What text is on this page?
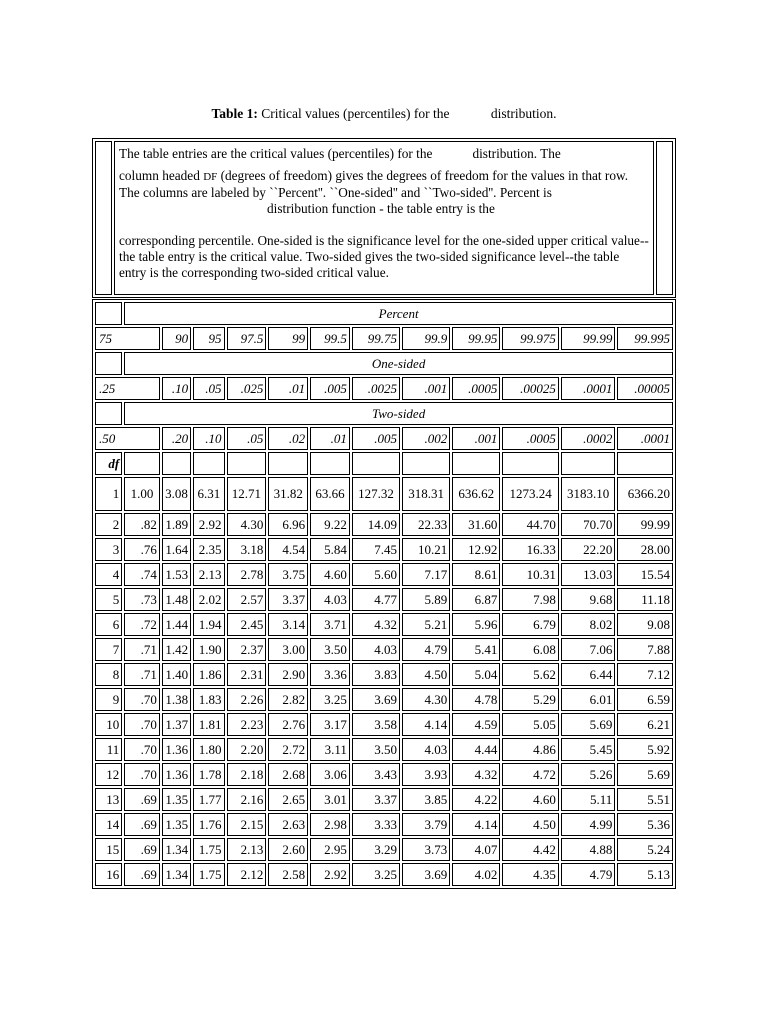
Table 1: Critical values (percentiles) for the	distribution.

The table entries are the critical values (percentiles) for the	distribution. The

column headed DF (degrees of freedom) gives the degrees of freedom for the values in that row. The columns are labeled by ``Percent''. ``One-sided'' and ``Two-sided''. Percent isdistribution function - the table entry is the

corresponding percentile. One-sided is the significance level for the one-sided upper critical value--the table entry is the critical value. Two-sided gives the two-sided significance level--the table entry is the corresponding two-sided critical value.

	Percent											
75		90	95	97.5	99	99.5	99.75	99.9	99.95	99.975	99.99	99.995
	One-sided											
.25		.10	.05	.025	.01	.005	.0025	.001	.0005	.00025	.0001	.00005
	Two-sided											
.50		.20	.10	.05	.02	.01	.005	.002	.001	.0005	.0002	.0001
df												
1	1.00	3.08	6.31	12.71	31.82	63.66	127.32	318.31	636.62	1273.24	3183.10	6366.20
2	.82	1.89	2.92	4.30	6.96	9.22	14.09	22.33	31.60	44.70	70.70	99.99
3	.76	1.64	2.35	3.18	4.54	5.84	7.45	10.21	12.92	16.33	22.20	28.00
4	.74	1.53	2.13	2.78	3.75	4.60	5.60	7.17	8.61	10.31	13.03	15.54
5	.73	1.48	2.02	2.57	3.37	4.03	4.77	5.89	6.87	7.98	9.68	11.18
6	.72	1.44	1.94	2.45	3.14	3.71	4.32	5.21	5.96	6.79	8.02	9.08
7	.71	1.42	1.90	2.37	3.00	3.50	4.03	4.79	5.41	6.08	7.06	7.88
8	.71	1.40	1.86	2.31	2.90	3.36	3.83	4.50	5.04	5.62	6.44	7.12
9	.70	1.38	1.83	2.26	2.82	3.25	3.69	4.30	4.78	5.29	6.01	6.59
10	.70	1.37	1.81	2.23	2.76	3.17	3.58	4.14	4.59	5.05	5.69	6.21
11	.70	1.36	1.80	2.20	2.72	3.11	3.50	4.03	4.44	4.86	5.45	5.92
12	.70	1.36	1.78	2.18	2.68	3.06	3.43	3.93	4.32	4.72	5.26	5.69
13	.69	1.35	1.77	2.16	2.65	3.01	3.37	3.85	4.22	4.60	5.11	5.51
14	.69	1.35	1.76	2.15	2.63	2.98	3.33	3.79	4.14	4.50	4.99	5.36
15	.69	1.34	1.75	2.13	2.60	2.95	3.29	3.73	4.07	4.42	4.88	5.24
16	.69	1.34	1.75	2.12	2.58	2.92	3.25	3.69	4.02	4.35	4.79	5.13
